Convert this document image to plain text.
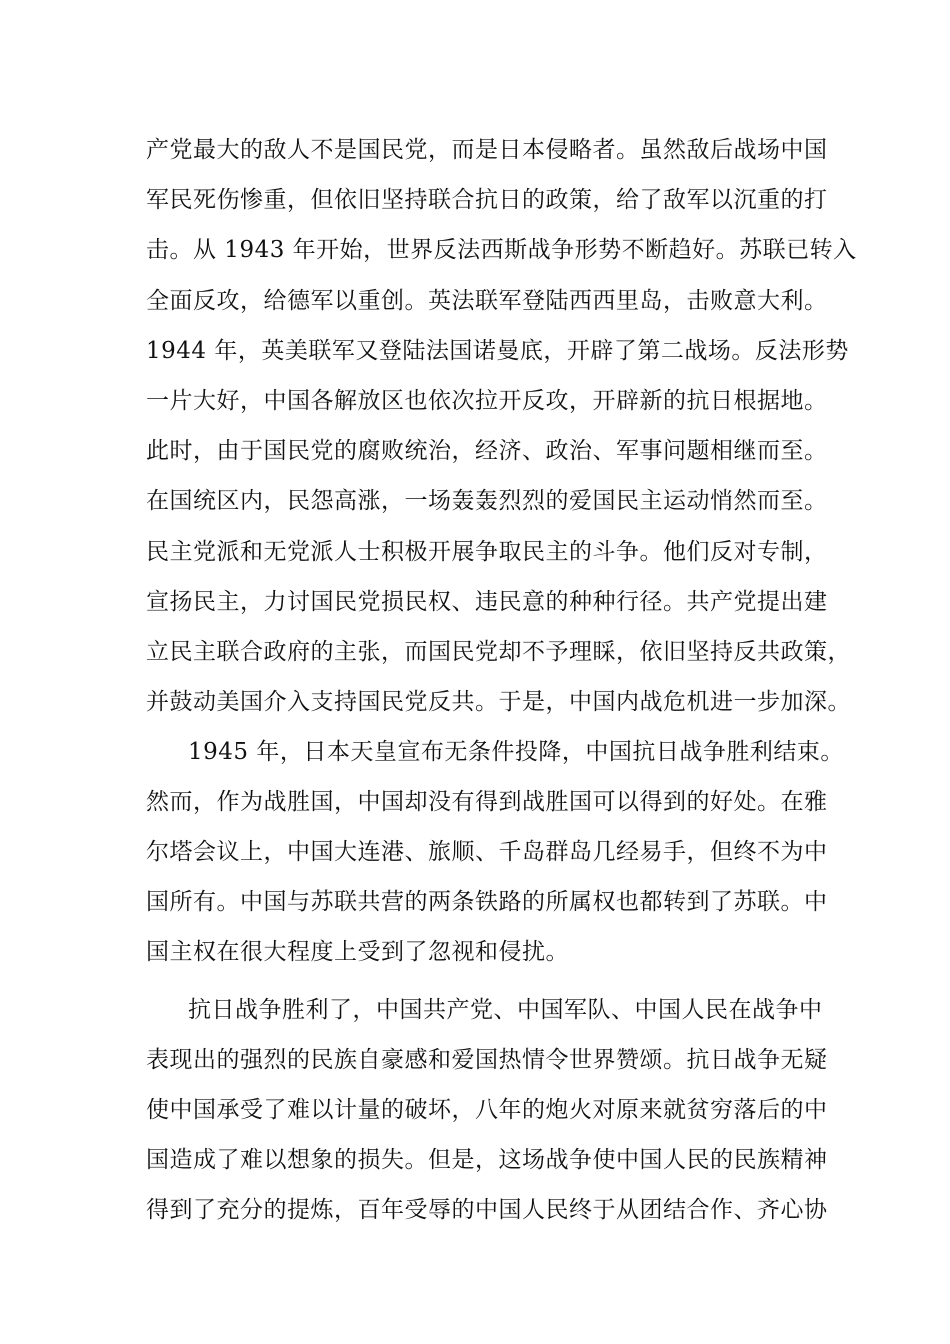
产党最大的敌人不是国民党，而是日本侵略者。虽然敌后战场中国
军民死伤惨重，但依旧坚持联合抗日的政策，给了敌军以沉重的打
击。从 1943 年开始，世界反法西斯战争形势不断趋好。苏联已转入
全面反攻，给德军以重创。英法联军登陆西西里岛，击败意大利。
1944 年，英美联军又登陆法国诺曼底，开辟了第二战场。反法形势
一片大好，中国各解放区也依次拉开反攻，开辟新的抗日根据地。
此时，由于国民党的腐败统治，经济、政治、军事问题相继而至。
在国统区内，民怨高涨，一场轰轰烈烈的爱国民主运动悄然而至。
民主党派和无党派人士积极开展争取民主的斗争。他们反对专制，
宣扬民主，力讨国民党损民权、违民意的种种行径。共产党提出建
立民主联合政府的主张，而国民党却不予理睬，依旧坚持反共政策，
并鼓动美国介入支持国民党反共。于是，中国内战危机进一步加深。
1945 年，日本天皇宣布无条件投降，中国抗日战争胜利结束。
然而，作为战胜国，中国却没有得到战胜国可以得到的好处。在雅
尔塔会议上，中国大连港、旅顺、千岛群岛几经易手，但终不为中
国所有。中国与苏联共营的两条铁路的所属权也都转到了苏联。中
国主权在很大程度上受到了忽视和侵扰。
抗日战争胜利了，中国共产党、中国军队、中国人民在战争中
表现出的强烈的民族自豪感和爱国热情令世界赞颂。抗日战争无疑
使中国承受了难以计量的破坏，八年的炮火对原来就贫穷落后的中
国造成了难以想象的损失。但是，这场战争使中国人民的民族精神
得到了充分的提炼，百年受辱的中国人民终于从团结合作、齐心协
